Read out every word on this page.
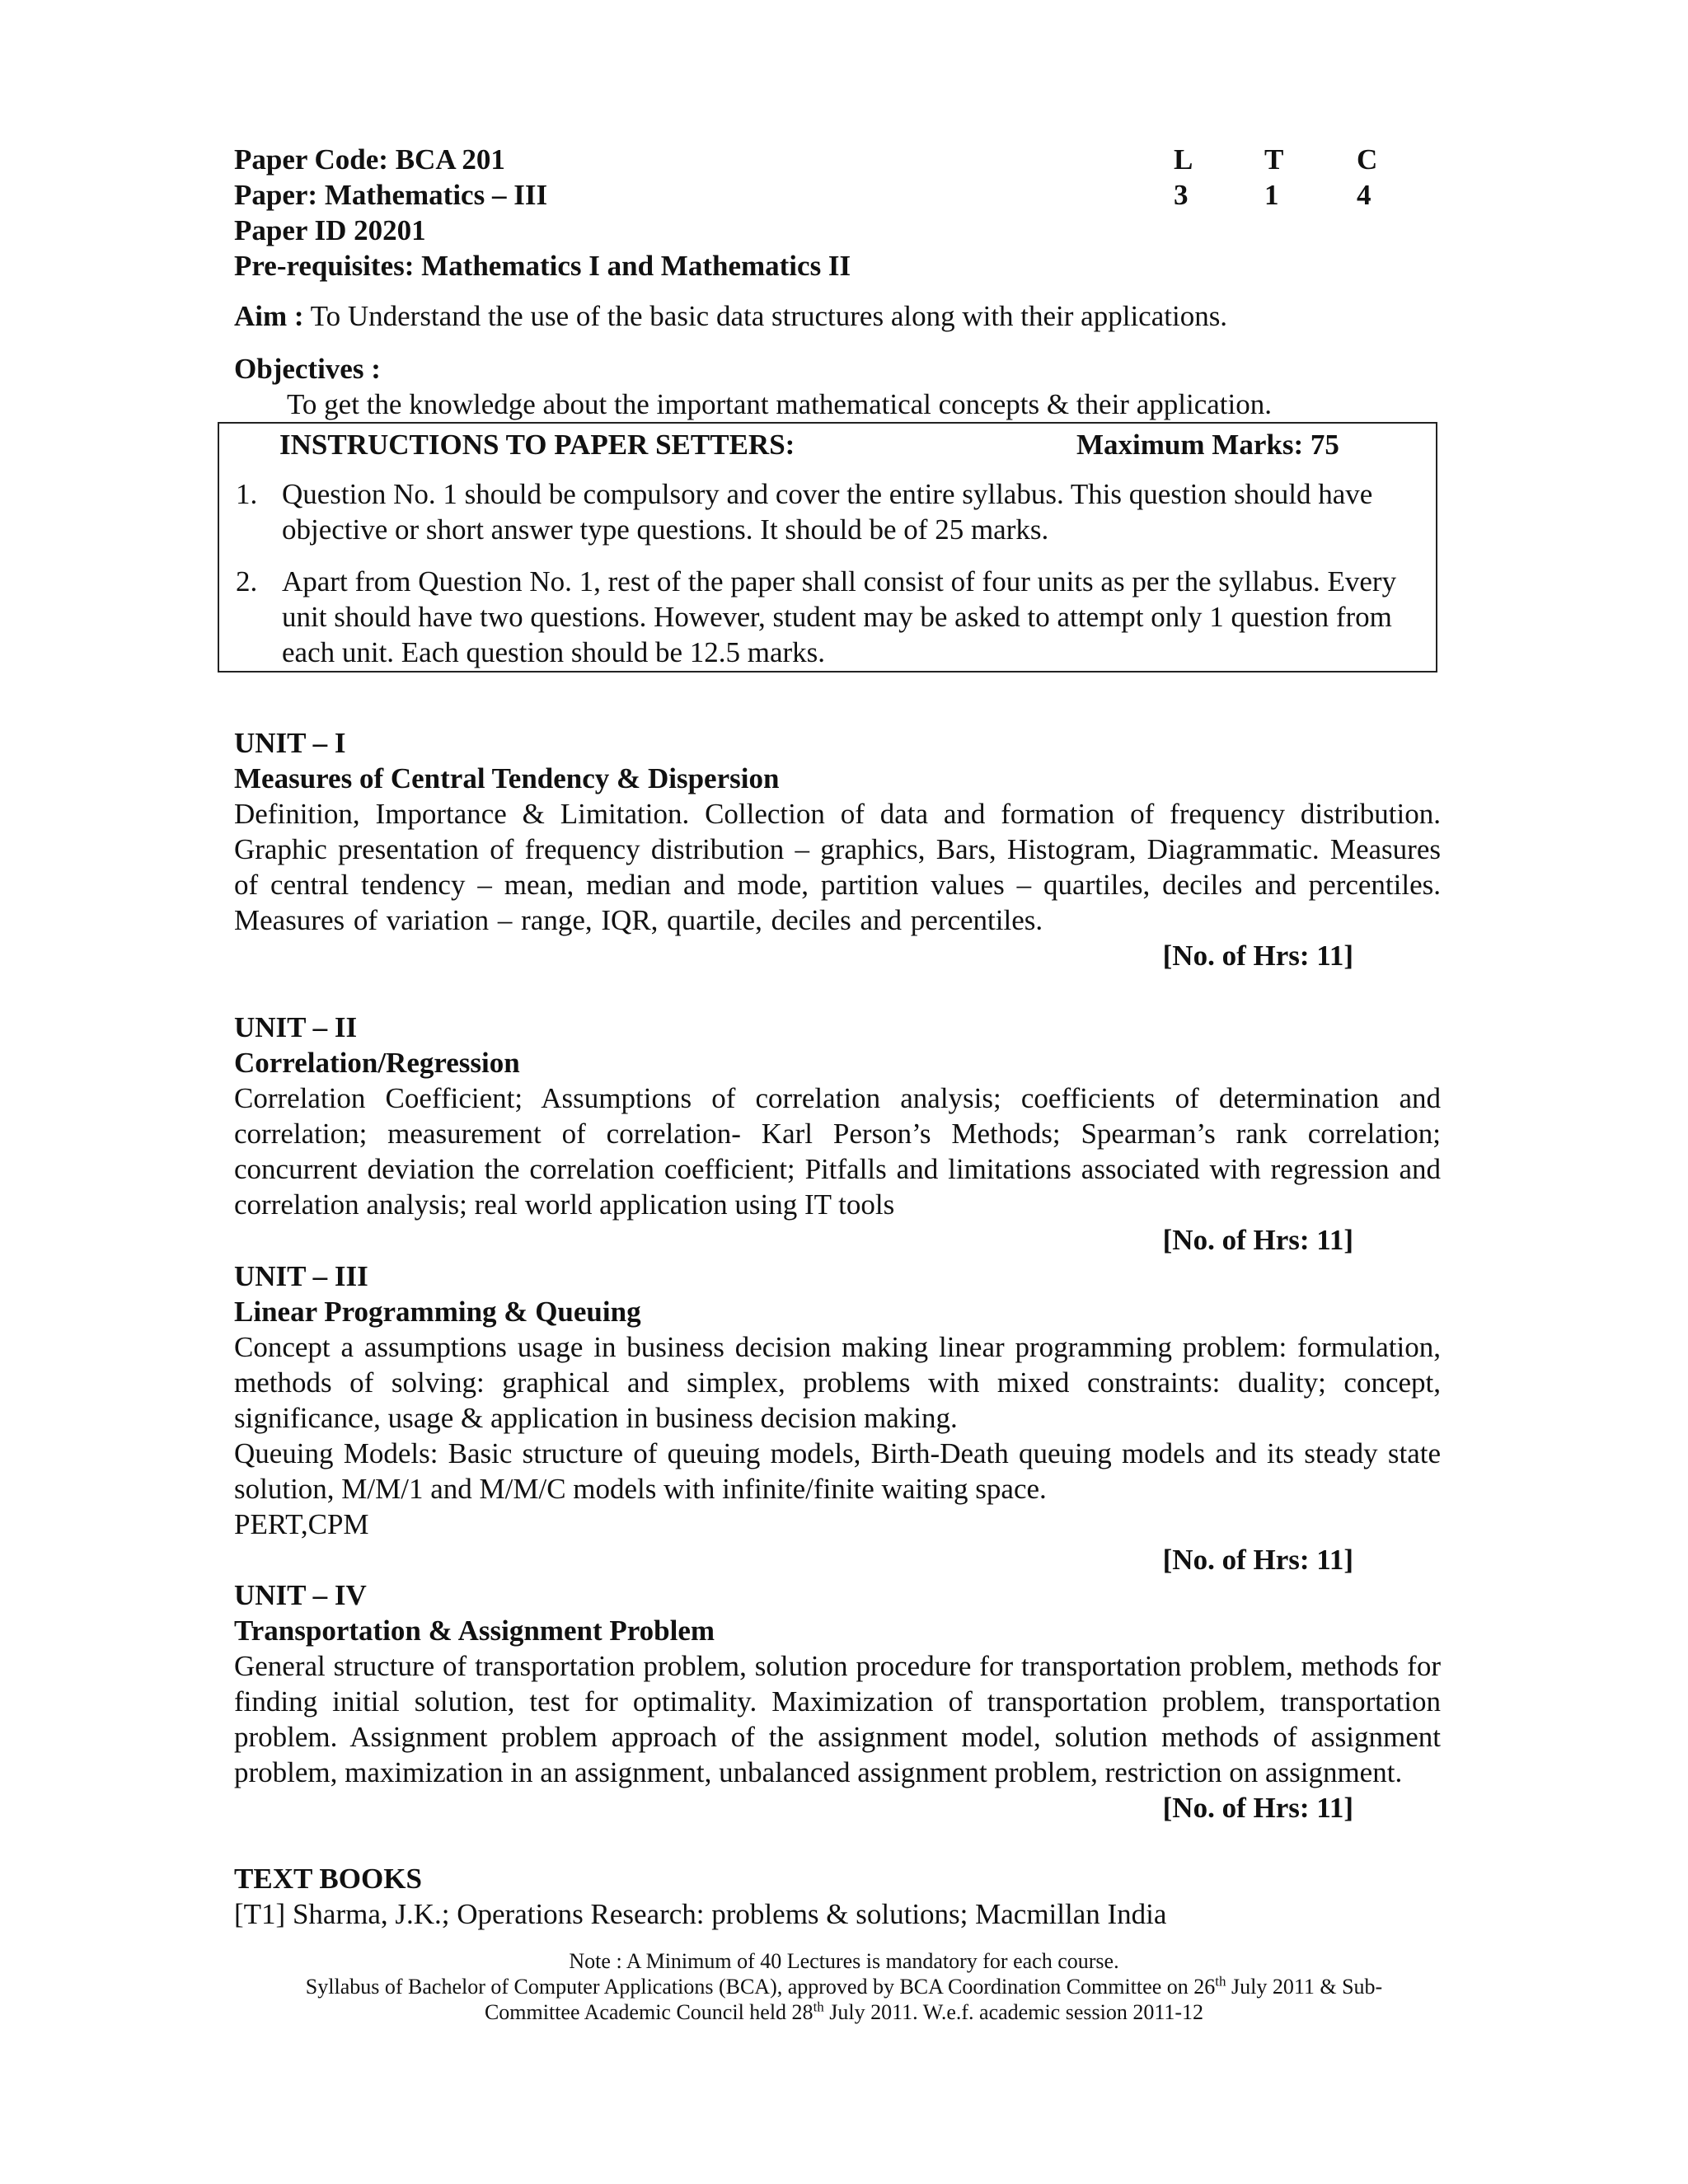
Paper Code: BCA 201	L T	C
Paper: Mathematics – III	3	1	4
Paper ID 20201
Pre-requisites: Mathematics I and Mathematics II
Aim : To Understand the use of the basic data structures along with their applications.
Objectives :
To get the knowledge about the important mathematical concepts & their application.
INSTRUCTIONS TO PAPER SETTERS:	Maximum Marks: 75
1. Question No. 1 should be compulsory and cover the entire syllabus. This question should have objective or short answer type questions. It should be of 25 marks.
2. Apart from Question No. 1, rest of the paper shall consist of four units as per the syllabus. Every unit should have two questions. However, student may be asked to attempt only 1 question from each unit. Each question should be 12.5 marks.
UNIT – I
Measures of Central Tendency & Dispersion
Definition, Importance & Limitation. Collection of data and formation of frequency distribution. Graphic presentation of frequency distribution – graphics, Bars, Histogram, Diagrammatic. Measures of central tendency – mean, median and mode, partition values – quartiles, deciles and percentiles. Measures of variation – range, IQR, quartile, deciles and percentiles.
[No. of Hrs: 11]
UNIT – II
Correlation/Regression
Correlation Coefficient; Assumptions of correlation analysis; coefficients of determination and correlation; measurement of correlation- Karl Person’s Methods; Spearman’s rank correlation; concurrent deviation the correlation coefficient; Pitfalls and limitations associated with regression and correlation analysis; real world application using IT tools
[No. of Hrs: 11]
UNIT – III
Linear Programming & Queuing
Concept a assumptions usage in business decision making linear programming problem: formulation, methods of solving: graphical and simplex, problems with mixed constraints: duality; concept, significance, usage & application in business decision making.
Queuing Models: Basic structure of queuing models, Birth-Death queuing models and its steady state solution, M/M/1 and M/M/C models with infinite/finite waiting space.
PERT,CPM
[No. of Hrs: 11]
UNIT – IV
Transportation & Assignment Problem
General structure of transportation problem, solution procedure for transportation problem, methods for finding initial solution, test for optimality. Maximization of transportation problem, transportation problem. Assignment problem approach of the assignment model, solution methods of assignment problem, maximization in an assignment, unbalanced assignment problem, restriction on assignment.
[No. of Hrs: 11]
TEXT BOOKS
[T1] Sharma, J.K.; Operations Research: problems & solutions; Macmillan India
Note : A Minimum of 40 Lectures is mandatory for each course.
Syllabus of Bachelor of Computer Applications (BCA), approved by BCA Coordination Committee on 26th July 2011 & Sub-
Committee Academic Council held 28th July 2011. W.e.f. academic session 2011-12
